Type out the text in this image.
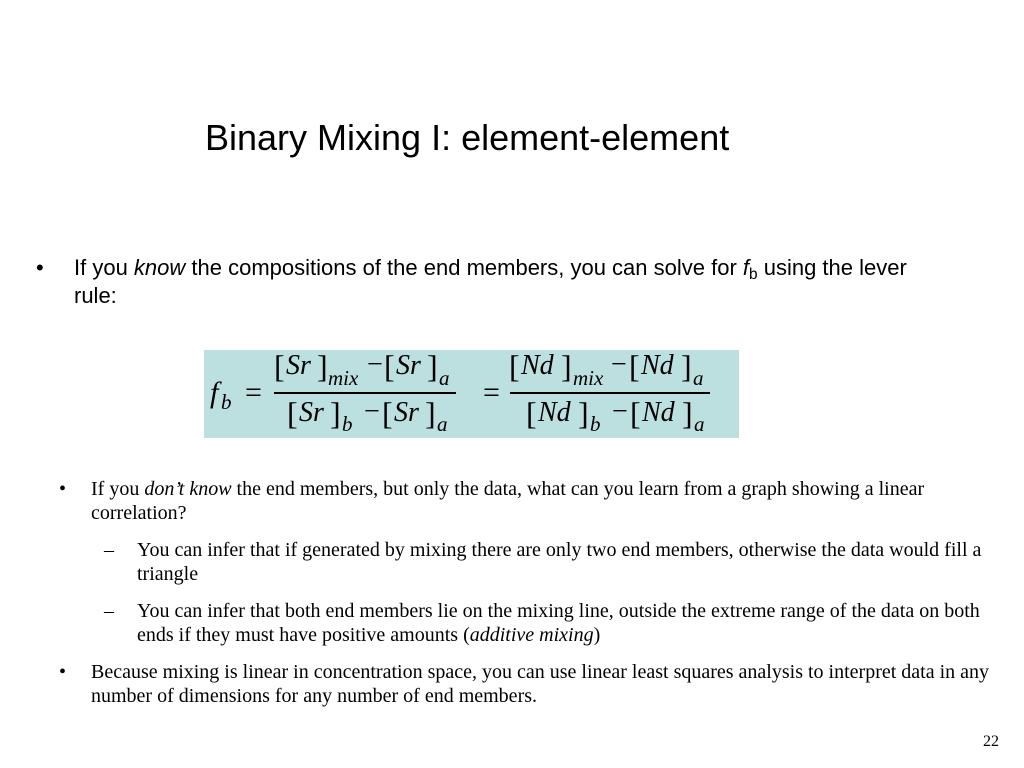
Binary Mixing I: element-element
• If you know the compositions of the end members, you can solve for $f_b$ using the lever rule:
f b =
[ Sr ] mix − [ Sr ] a
[ Sr ] b − [ Sr ] a
=
[ Nd ] mix − [ Nd ] a
[ Nd ] b − [ Nd ] a
• If you don’t know the end members, but only the data, what can you learn from a graph showing a linear correlation?
– You can infer that if generated by mixing there are only two end members, otherwise the data would fill a triangle
– You can infer that both end members lie on the mixing line, outside the extreme range of the data on both ends if they must have positive amounts (additive mixing)
• Because mixing is linear in concentration space, you can use linear least squares analysis to interpret data in any number of dimensions for any number of end members.
22
